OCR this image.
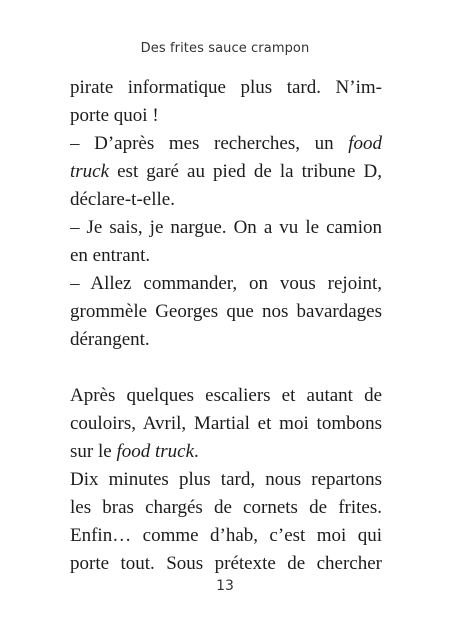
Des frites sauce crampon
pirate informatique plus tard. N’im-
porte quoi !
– D’après mes recherches, un food
truck est garé au pied de la tribune D,
déclare-t-elle.
– Je sais, je nargue. On a vu le camion
en entrant.
– Allez commander, on vous rejoint,
grommèle Georges que nos bavardages
dérangent.
Après quelques escaliers et autant de
couloirs, Avril, Martial et moi tombons
sur le food truck.
Dix minutes plus tard, nous repartons
les bras chargés de cornets de frites.
Enfin… comme d’hab, c’est moi qui
porte tout. Sous prétexte de chercher
13
